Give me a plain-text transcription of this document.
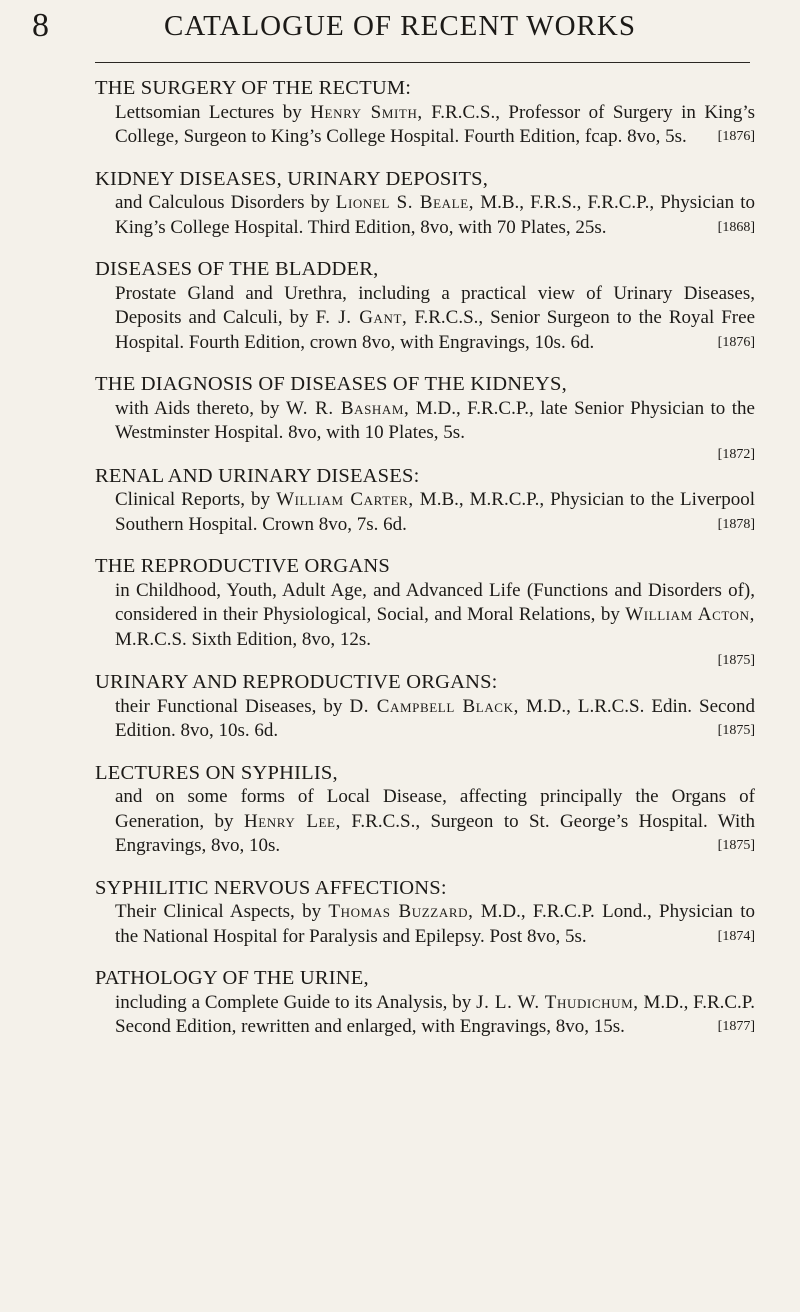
8	CATALOGUE OF RECENT WORKS
THE SURGERY OF THE RECTUM:
Lettsomian Lectures by Henry Smith, F.R.C.S., Professor of Surgery in King’s College, Surgeon to King’s College Hospital. Fourth Edition, fcap. 8vo, 5s. [1876]
KIDNEY DISEASES, URINARY DEPOSITS,
and Calculous Disorders by Lionel S. Beale, M.B., F.R.S., F.R.C.P., Physician to King’s College Hospital. Third Edition, 8vo, with 70 Plates, 25s.	[1868]
DISEASES OF THE BLADDER,
Prostate Gland and Urethra, including a practical view of Urinary Diseases, Deposits and Calculi, by F. J. Gant, F.R.C.S., Senior Surgeon to the Royal Free Hospital. Fourth Edition, crown 8vo, with Engravings, 10s. 6d.	[1876]
THE DIAGNOSIS OF DISEASES OF THE KIDNEYS,
with Aids thereto, by W. R. Basham, M.D., F.R.C.P., late Senior Physician to the Westminster Hospital. 8vo, with 10 Plates, 5s.
[1872]
RENAL AND URINARY DISEASES:
Clinical Reports, by William Carter, M.B., M.R.C.P., Physician to the Liverpool Southern Hospital. Crown 8vo, 7s. 6d.	[1878]
THE REPRODUCTIVE ORGANS
in Childhood, Youth, Adult Age, and Advanced Life (Functions and Disorders of), considered in their Physiological, Social, and Moral Relations, by William Acton, M.R.C.S. Sixth Edition, 8vo, 12s.
[1875]
URINARY AND REPRODUCTIVE ORGANS:
their Functional Diseases, by D. Campbell Black, M.D., L.R.C.S. Edin. Second Edition. 8vo, 10s. 6d.	[1875]
LECTURES ON SYPHILIS,
and on some forms of Local Disease, affecting principally the Organs of Generation, by Henry Lee, F.R.C.S., Surgeon to St. George’s Hospital. With Engravings, 8vo, 10s.	[1875]
SYPHILITIC NERVOUS AFFECTIONS:
Their Clinical Aspects, by Thomas Buzzard, M.D., F.R.C.P. Lond., Physician to the National Hospital for Paralysis and Epilepsy. Post 8vo, 5s.	[1874]
PATHOLOGY OF THE URINE,
including a Complete Guide to its Analysis, by J. L. W. Thudichum, M.D., F.R.C.P. Second Edition, rewritten and enlarged, with Engravings, 8vo, 15s.	[1877]
